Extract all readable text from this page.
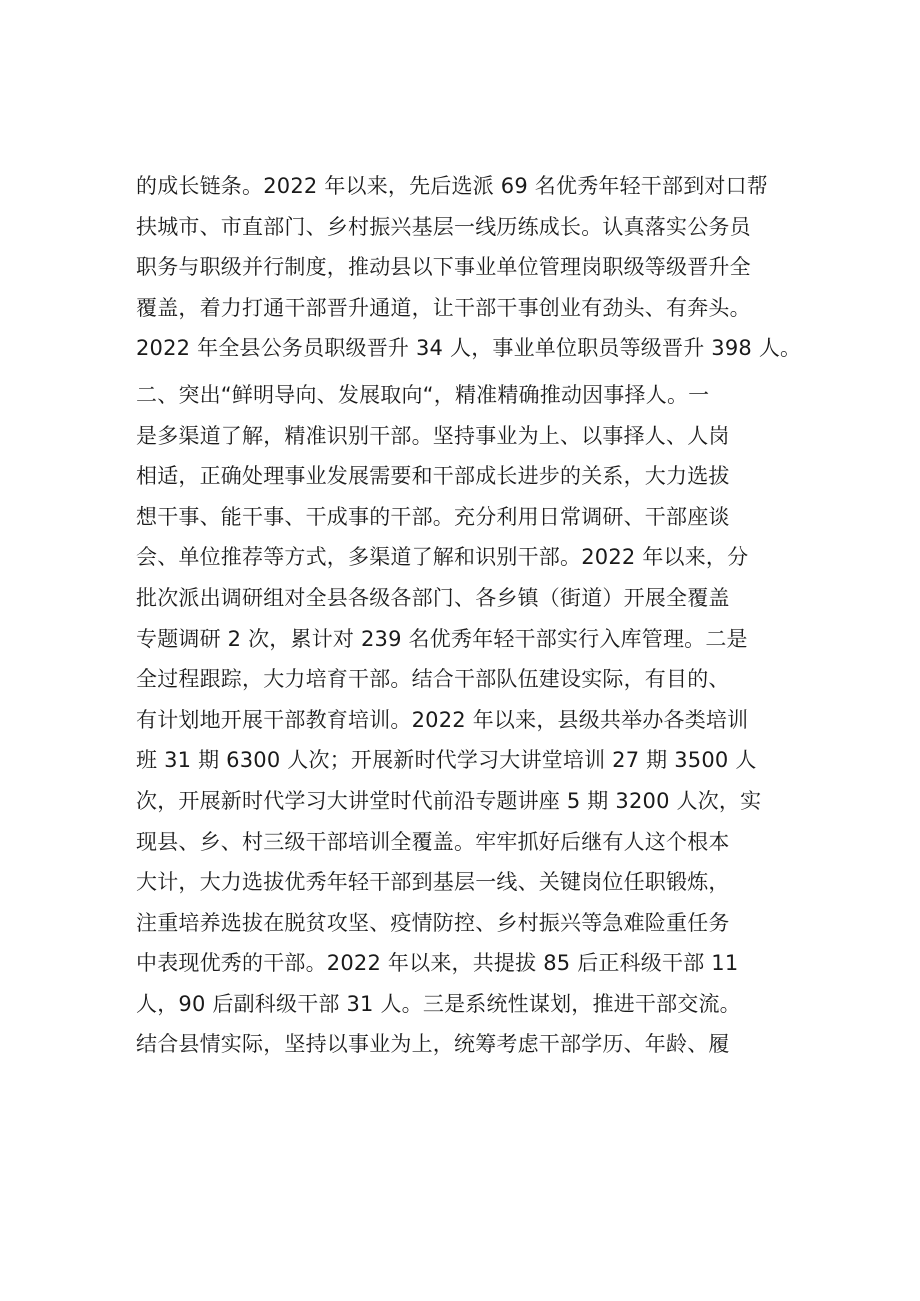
的成长链条。2022 年以来，先后选派 69 名优秀年轻干部到对口帮
扶城市、市直部门、乡村振兴基层一线历练成长。认真落实公务员
职务与职级并行制度，推动县以下事业单位管理岗职级等级晋升全
覆盖，着力打通干部晋升通道，让干部干事创业有劲头、有奔头。
2022 年全县公务员职级晋升 34 人，事业单位职员等级晋升 398 人。
二、突出“鲜明导向、发展取向“，精准精确推动因事择人。一
是多渠道了解，精准识别干部。坚持事业为上、以事择人、人岗
相适，正确处理事业发展需要和干部成长进步的关系，大力选拔
想干事、能干事、干成事的干部。充分利用日常调研、干部座谈
会、单位推荐等方式，多渠道了解和识别干部。2022 年以来，分
批次派出调研组对全县各级各部门、各乡镇（街道）开展全覆盖
专题调研 2 次，累计对 239 名优秀年轻干部实行入库管理。二是
全过程跟踪，大力培育干部。结合干部队伍建设实际，有目的、
有计划地开展干部教育培训。2022 年以来，县级共举办各类培训
班 31 期 6300 人次；开展新时代学习大讲堂培训 27 期 3500 人
次，开展新时代学习大讲堂时代前沿专题讲座 5 期 3200 人次，实
现县、乡、村三级干部培训全覆盖。牢牢抓好后继有人这个根本
大计，大力选拔优秀年轻干部到基层一线、关键岗位任职锻炼，
注重培养选拔在脱贫攻坚、疫情防控、乡村振兴等急难险重任务
中表现优秀的干部。2022 年以来，共提拔 85 后正科级干部 11
人，90 后副科级干部 31 人。三是系统性谋划，推进干部交流。
结合县情实际，坚持以事业为上，统筹考虑干部学历、年龄、履
